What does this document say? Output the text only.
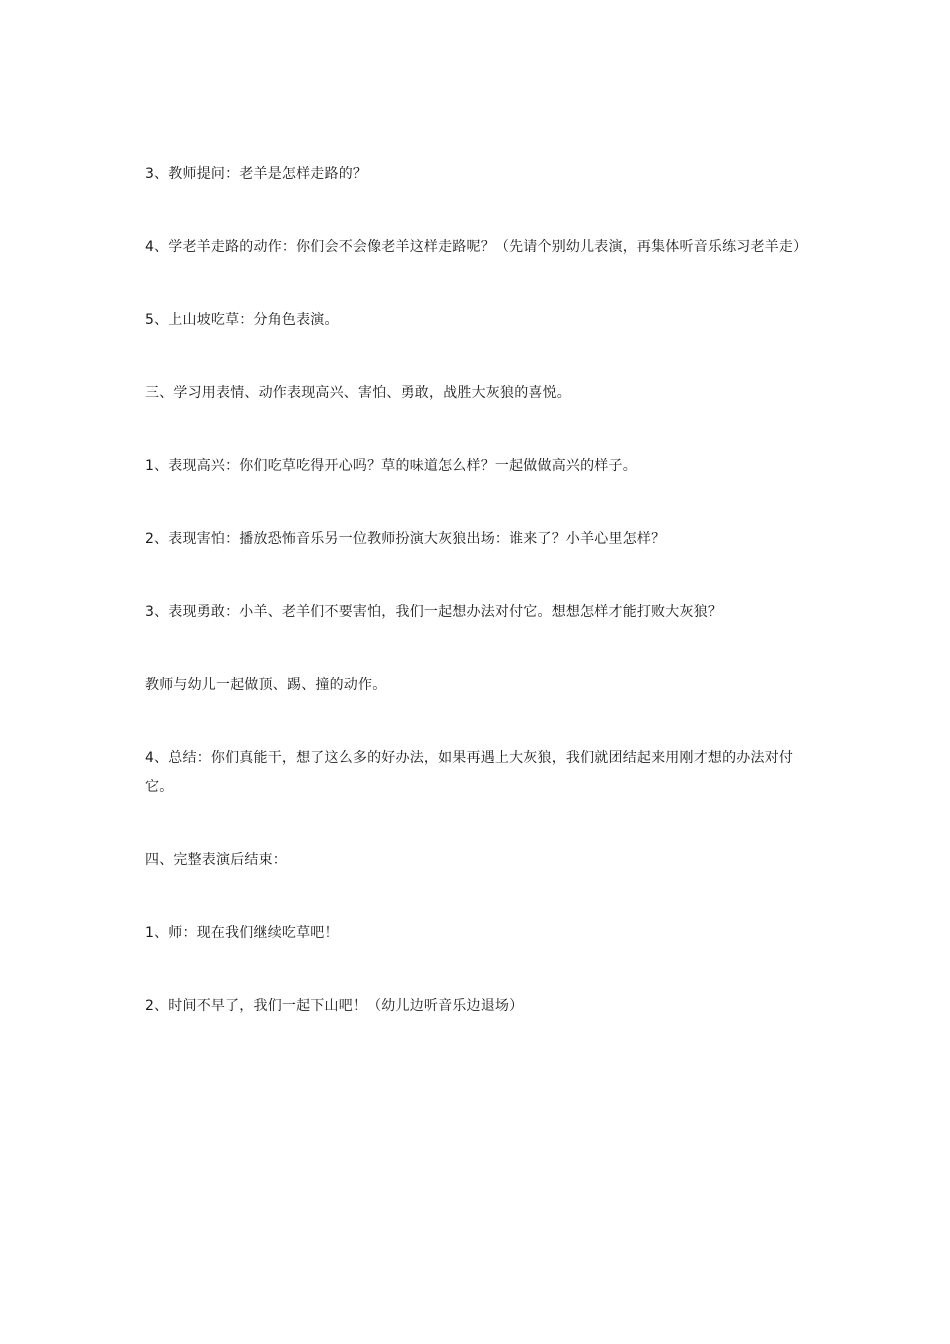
3、教师提问：老羊是怎样走路的？

4、学老羊走路的动作：你们会不会像老羊这样走路呢？（先请个别幼儿表演，再集体听音乐练习老羊走）

5、上山坡吃草：分角色表演。

三、学习用表情、动作表现高兴、害怕、勇敢，战胜大灰狼的喜悦。

1、表现高兴：你们吃草吃得开心吗？草的味道怎么样？一起做做高兴的样子。

2、表现害怕：播放恐怖音乐另一位教师扮演大灰狼出场：谁来了？小羊心里怎样？

3、表现勇敢：小羊、老羊们不要害怕，我们一起想办法对付它。想想怎样才能打败大灰狼？

教师与幼儿一起做顶、踢、撞的动作。

4、总结：你们真能干，想了这么多的好办法，如果再遇上大灰狼，我们就团结起来用刚才想的办法对付它。

四、完整表演后结束：

1、师：现在我们继续吃草吧！

2、时间不早了，我们一起下山吧！（幼儿边听音乐边退场）
